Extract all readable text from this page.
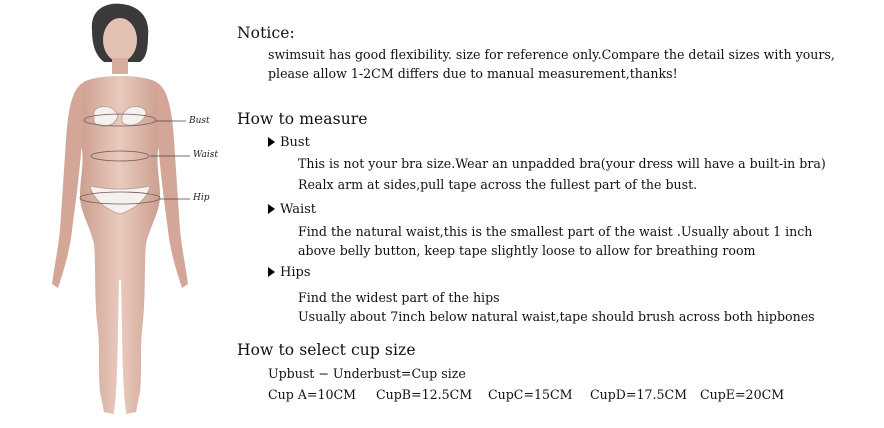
Bust
Waist
Hip
Notice:
swimsuit has good flexibility. size for reference only.Compare the detail sizes with yours,
please allow 1-2CM differs due to manual measurement,thanks!
How to measure
Bust
This is not your bra size.Wear an unpadded bra(your dress will have a built-in bra)
Realx arm at sides,pull tape across the fullest part of the bust.
Waist
Find the natural waist,this is the smallest part of the waist .Usually about 1 inch
above belly button, keep tape slightly loose to allow for breathing room
Hips
Find the widest part of the hips
Usually about 7inch below natural waist,tape should brush across both hipbones
How to select cup size
Upbust − Underbust=Cup size
Cup A=10CM CupB=12.5CM CupC=15CM CupD=17.5CM CupE=20CM
